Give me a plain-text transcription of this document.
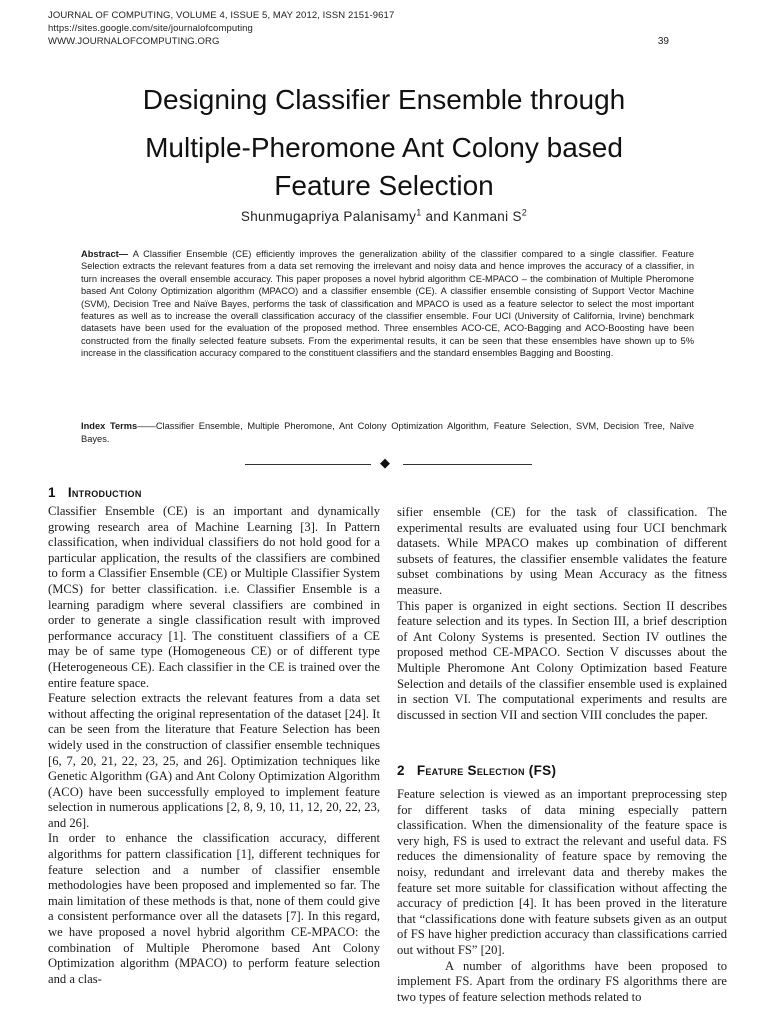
JOURNAL OF COMPUTING, VOLUME 4, ISSUE 5, MAY 2012, ISSN 2151-9617
https://sites.google.com/site/journalofcomputing
WWW.JOURNALOFCOMPUTING.ORG	39
Designing Classifier Ensemble through
Multiple-Pheromone Ant Colony based
Feature Selection
Shunmugapriya Palanisamy$^1$ and Kanmani $S^2$
Abstract— A Classifier Ensemble (CE) efficiently improves the generalization ability of the classifier compared to a single classifier. Feature Selection extracts the relevant features from a data set removing the irrelevant and noisy data and hence improves the accuracy of a classifier, in turn increases the overall ensemble accuracy. This paper proposes a novel hybrid algorithm CE-MPACO – the combination of Multiple Pheromone based Ant Colony Optimization algorithm (MPACO) and a classifier ensemble (CE). A classifier ensemble consisting of Support Vector Machine (SVM), Decision Tree and Naïve Bayes, performs the task of classification and MPACO is used as a feature selector to select the most important features as well as to increase the overall classification accuracy of the classifier ensemble. Four UCI (University of California, Irvine) benchmark datasets have been used for the evaluation of the proposed method. Three ensembles ACO-CE, ACO-Bagging and ACO-Boosting have been constructed from the finally selected feature subsets. From the experimental results, it can be seen that these ensembles have shown up to 5% increase in the classification accuracy compared to the constituent classifiers and the standard ensembles Bagging and Boosting.
Index Terms——Classifier Ensemble, Multiple Pheromone, Ant Colony Optimization Algorithm, Feature Selection, SVM, Decision Tree, Naïve Bayes.
◆
1 Introduction

Classifier Ensemble (CE) is an important and dynamically growing research area of Machine Learning [3]. In Pattern classification, when individual classifiers do not hold good for a particular application, the results of the classifiers are combined to form a Classifier Ensemble (CE) or Multiple Classifier System (MCS) for better classification. i.e. Classifier Ensemble is a learning paradigm where several classifiers are combined in order to generate a single classification result with improved performance accuracy [1]. The constituent classifiers of a CE may be of same type (Homogeneous CE) or of different type (Heterogeneous CE). Each classifier in the CE is trained over the entire feature space.

Feature selection extracts the relevant features from a data set without affecting the original representation of the dataset [24]. It can be seen from the literature that Feature Selection has been widely used in the construction of classifier ensemble techniques [6, 7, 20, 21, 22, 23, 25, and 26]. Optimization techniques like Genetic Algorithm (GA) and Ant Colony Optimization Algorithm (ACO) have been successfully employed to implement feature selection in numerous applications [2, 8, 9, 10, 11, 12, 20, 22, 23, and 26].

In order to enhance the classification accuracy, different algorithms for pattern classification [1], different techniques for feature selection and a number of classifier ensemble methodologies have been proposed and implemented so far. The main limitation of these methods is that, none of them could give a consistent performance over all the datasets [7]. In this regard, we have proposed a novel hybrid algorithm CE-MPACO: the combination of Multiple Pheromone based Ant Colony Optimization algorithm (MPACO) to perform feature selection and a clas-

sifier ensemble (CE) for the task of classification. The experimental results are evaluated using four UCI benchmark datasets. While MPACO makes up combination of different subsets of features, the classifier ensemble validates the feature subset combinations by using Mean Accuracy as the fitness measure.

This paper is organized in eight sections. Section II describes feature selection and its types. In Section III, a brief description of Ant Colony Systems is presented. Section IV outlines the proposed method CE-MPACO. Section V discusses about the Multiple Pheromone Ant Colony Optimization based Feature Selection and details of the classifier ensemble used is explained in section VI. The computational experiments and results are discussed in section VII and section VIII concludes the paper.

2 Feature Selection (FS)

Feature selection is viewed as an important preprocessing step for different tasks of data mining especially pattern classification. When the dimensionality of the feature space is very high, FS is used to extract the relevant and useful data. FS reduces the dimensionality of feature space by removing the noisy, redundant and irrelevant data and thereby makes the feature set more suitable for classification without affecting the accuracy of prediction [4]. It has been proved in the literature that “classifications done with feature subsets given as an output of FS have higher prediction accuracy than classifications carried out without FS” [20].

A number of algorithms have been proposed to implement FS. Apart from the ordinary FS algorithms there are two types of feature selection methods related to
